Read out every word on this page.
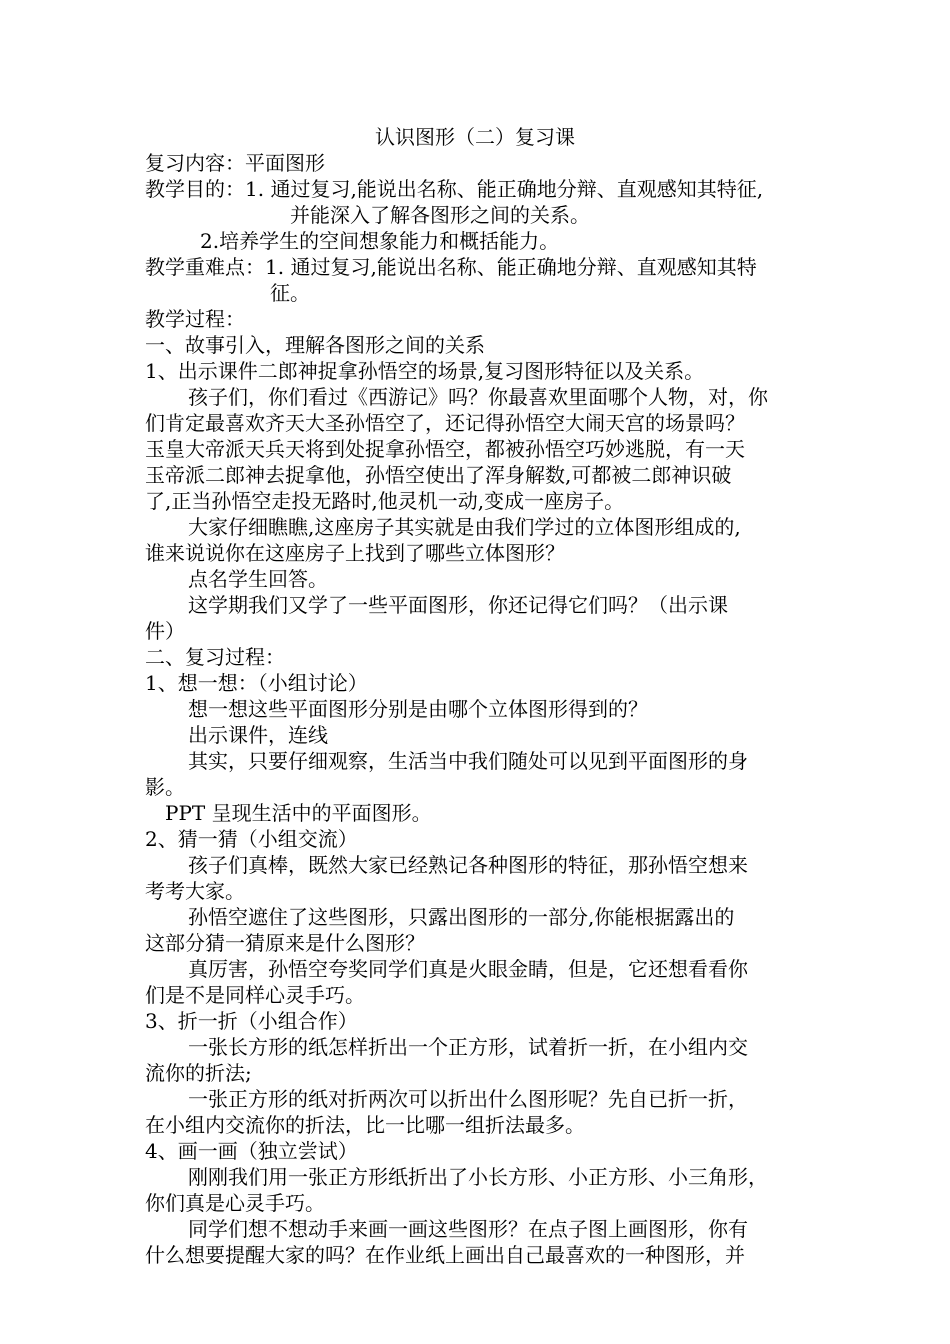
认识图形（二）复习课
复习内容：平面图形
教学目的：1. 通过复习,能说出名称、能正确地分辩、直观感知其特征,
并能深入了解各图形之间的关系。
2.培养学生的空间想象能力和概括能力。
教学重难点：1. 通过复习,能说出名称、能正确地分辩、直观感知其特
征。
教学过程：
一、故事引入，理解各图形之间的关系
1、出示课件二郎神捉拿孙悟空的场景,复习图形特征以及关系。
孩子们，你们看过《西游记》吗？你最喜欢里面哪个人物，对，你
们肯定最喜欢齐天大圣孙悟空了，还记得孙悟空大闹天宫的场景吗？
玉皇大帝派天兵天将到处捉拿孙悟空，都被孙悟空巧妙逃脱，有一天
玉帝派二郎神去捉拿他，孙悟空使出了浑身解数,可都被二郎神识破
了,正当孙悟空走投无路时,他灵机一动,变成一座房子。
大家仔细瞧瞧,这座房子其实就是由我们学过的立体图形组成的,
谁来说说你在这座房子上找到了哪些立体图形？
点名学生回答。
这学期我们又学了一些平面图形，你还记得它们吗？（出示课
件）
二、复习过程：
1、想一想：（小组讨论）
想一想这些平面图形分别是由哪个立体图形得到的？
出示课件，连线
其实，只要仔细观察，生活当中我们随处可以见到平面图形的身
影。
PPT 呈现生活中的平面图形。
2、猜一猜（小组交流）
孩子们真棒，既然大家已经熟记各种图形的特征，那孙悟空想来
考考大家。
孙悟空遮住了这些图形，只露出图形的一部分,你能根据露出的
这部分猜一猜原来是什么图形？
真厉害，孙悟空夸奖同学们真是火眼金睛，但是，它还想看看你
们是不是同样心灵手巧。
3、折一折（小组合作）
一张长方形的纸怎样折出一个正方形，试着折一折，在小组内交
流你的折法;
一张正方形的纸对折两次可以折出什么图形呢？先自已折一折，
在小组内交流你的折法，比一比哪一组折法最多。
4、画一画（独立尝试）
刚刚我们用一张正方形纸折出了小长方形、小正方形、小三角形，
你们真是心灵手巧。
同学们想不想动手来画一画这些图形？在点子图上画图形，你有
什么想要提醒大家的吗？在作业纸上画出自己最喜欢的一种图形，并
